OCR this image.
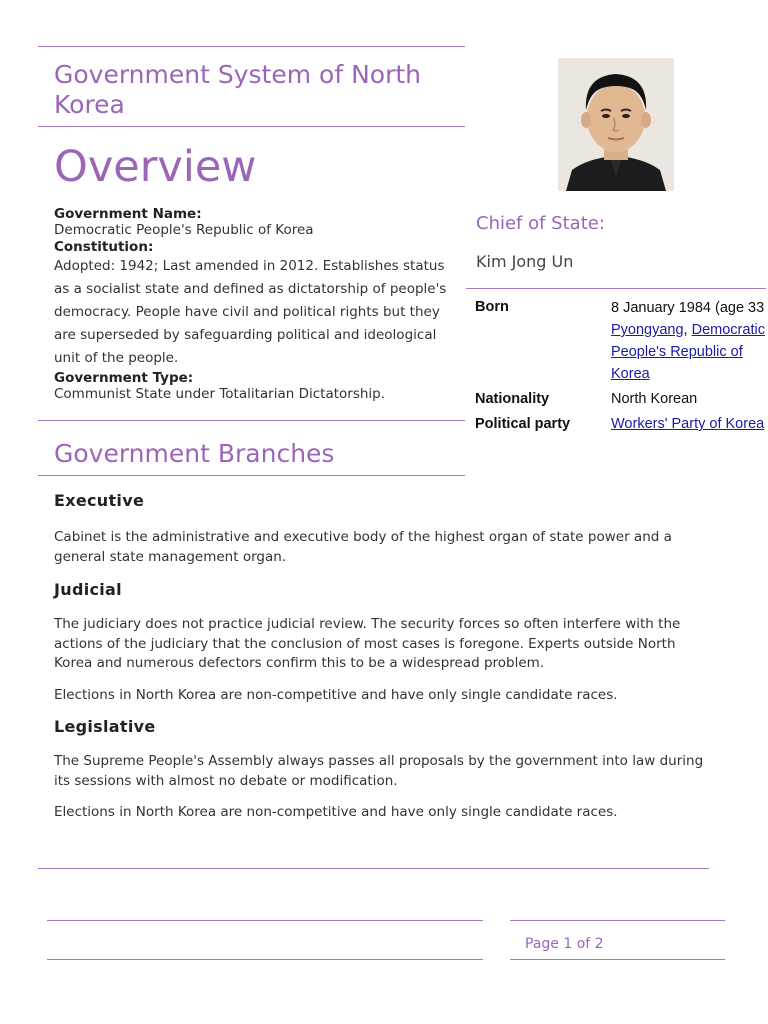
Government System of North Korea
Overview
Government Name:
Democratic People's Republic of Korea
Constitution:
Adopted: 1942; Last amended in 2012. Establishes status as a socialist state and defined as dictatorship of people's democracy. People have civil and political rights but they are superseded by safeguarding political and ideological unit of the people.
Government Type:
Communist State under Totalitarian Dictatorship.
Government Branches
Executive

Cabinet is the administrative and executive body of the highest organ of state power and a general state management organ.

Judicial

The judiciary does not practice judicial review. The security forces so often interfere with the actions of the judiciary that the conclusion of most cases is foregone. Experts outside North Korea and numerous defectors confirm this to be a widespread problem.

Elections in North Korea are non-competitive and have only single candidate races.

Legislative

The Supreme People's Assembly always passes all proposals by the government into law during its sessions with almost no debate or modification.

Elections in North Korea are non-competitive and have only single candidate races.

Chief of State:
Kim Jong Un
Born	8 January 1984 (age 33
Pyongyang, Democratic
People's Republic of
Korea
Nationality	North Korean
Political party	Workers' Party of Korea
Page 1 of 2
